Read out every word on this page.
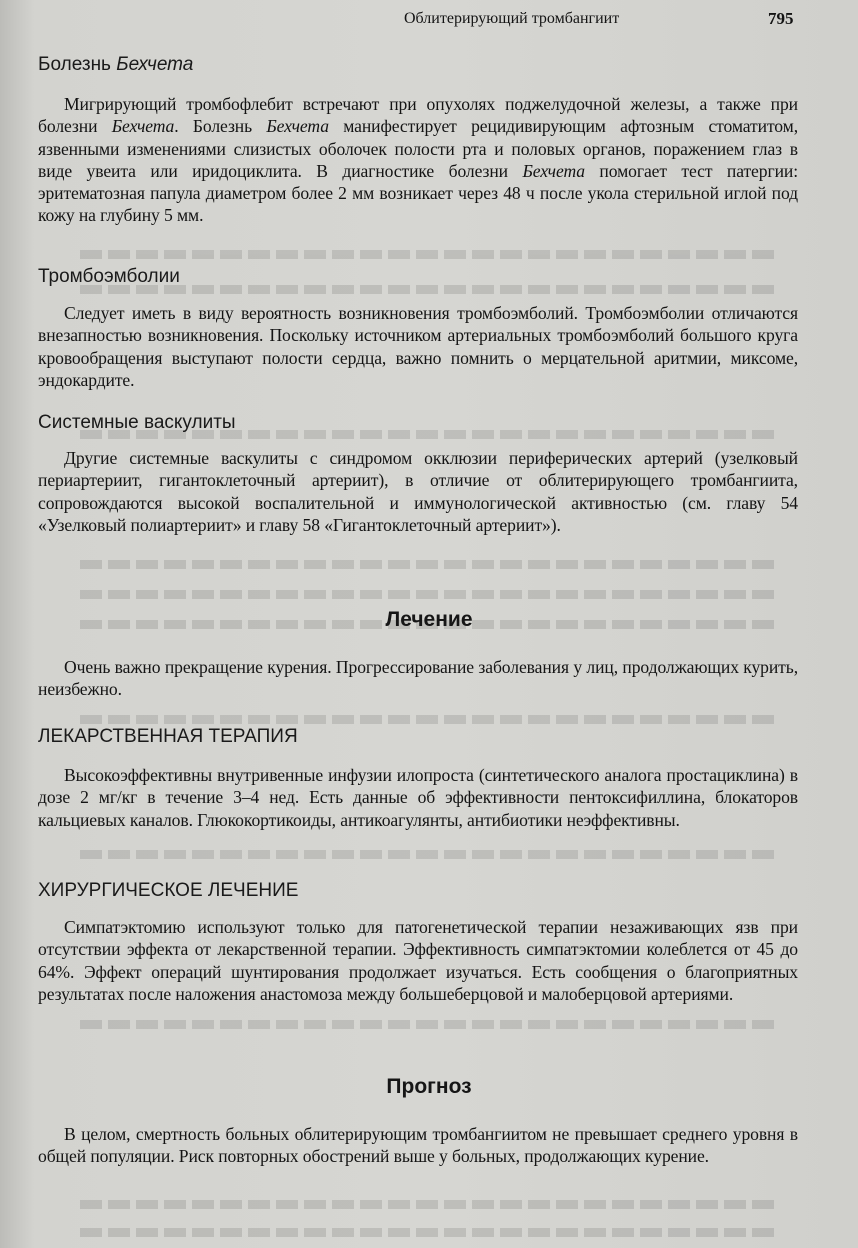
Облитерирующий тромбангиит	795
Болезнь Бехчета
Мигрирующий тромбофлебит встречают при опухолях поджелудочной железы, а также при болезни Бехчета. Болезнь Бехчета манифестирует рецидивирующим афтозным стоматитом, язвенными изменениями слизистых оболочек полости рта и половых органов, поражением глаз в виде увеита или иридоциклита. В диагностике болезни Бехчета помогает тест патергии: эритематозная папула диаметром более 2 мм возникает через 48 ч после укола стерильной иглой под кожу на глубину 5 мм.
Тромбоэмболии
Следует иметь в виду вероятность возникновения тромбоэмболий. Тромбоэмболии отличаются внезапностью возникновения. Поскольку источником артериальных тромбоэмболий большого круга кровообращения выступают полости сердца, важно помнить о мерцательной аритмии, миксоме, эндокардите.
Системные васкулиты
Другие системные васкулиты с синдромом окклюзии периферических артерий (узелковый периартериит, гигантоклеточный артериит), в отличие от облитерирующего тромбангиита, сопровождаются высокой воспалительной и иммунологической активностью (см. главу 54 «Узелковый полиартериит» и главу 58 «Гигантоклеточный артериит»).
Лечение
Очень важно прекращение курения. Прогрессирование заболевания у лиц, продолжающих курить, неизбежно.
ЛЕКАРСТВЕННАЯ ТЕРАПИЯ
Высокоэффективны внутривенные инфузии илопроста (синтетического аналога простациклина) в дозе 2 мг/кг в течение 3–4 нед. Есть данные об эффективности пентоксифиллина, блокаторов кальциевых каналов. Глюкокортикоиды, антикоагулянты, антибиотики неэффективны.
ХИРУРГИЧЕСКОЕ ЛЕЧЕНИЕ
Симпатэктомию используют только для патогенетической терапии незаживающих язв при отсутствии эффекта от лекарственной терапии. Эффективность симпатэктомии колеблется от 45 до 64%. Эффект операций шунтирования продолжает изучаться. Есть сообщения о благоприятных результатах после наложения анастомоза между большеберцовой и малоберцовой артериями.
Прогноз
В целом, смертность больных облитерирующим тромбангиитом не превышает среднего уровня в общей популяции. Риск повторных обострений выше у больных, продолжающих курение.
